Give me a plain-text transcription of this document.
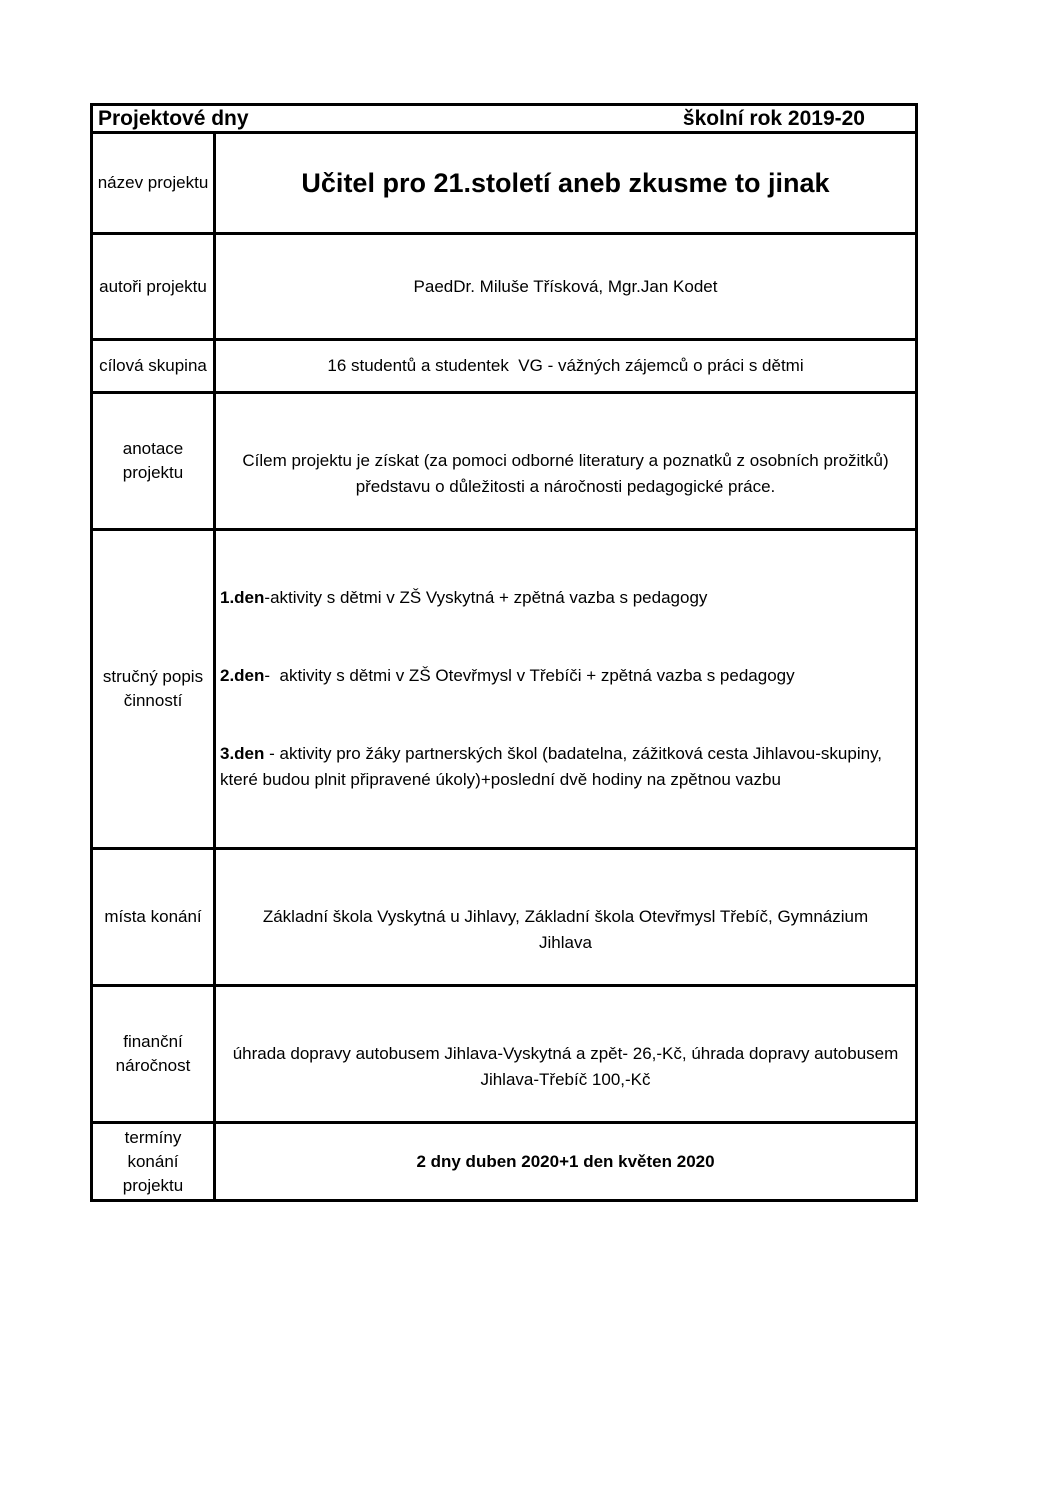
Projektové dny školní rok 2019-20	

název projektu	Učitel pro 21.století aneb zkusme to jinak
autoři projektu	PaedDr. Miluše Třísková, Mgr.Jan Kodet
cílová skupina	16 studentů a studentek  VG - vážných zájemců o práci s dětmi
anotace projektu	Cílem projektu je získat (za pomoci odborné literatury a poznatků z osobních prožitků) představu o důležitosti a náročnosti pedagogické práce.

stručný popis činností	1.den-aktivity s dětmi v ZŠ Vyskytná + zpětná vazba s pedagogy

2.den-  aktivity s dětmi v ZŠ Otevřmysl v Třebíči + zpětná vazba s pedagogy

3.den - aktivity pro žáky partnerských škol (badatelna, zážitková cesta Jihlavou-skupiny, které budou plnit připravené úkoly)+poslední dvě hodiny na zpětnou vazbu

místa konání	Základní škola Vyskytná u Jihlavy, Základní škola Otevřmysl Třebíč, Gymnázium Jihlava

finanční náročnost	úhrada dopravy autobusem Jihlava-Vyskytná a zpět- 26,-Kč, úhrada dopravy autobusem Jihlava-Třebíč 100,-Kč

termíny konání projektu	2 dny duben 2020+1 den květen 2020
